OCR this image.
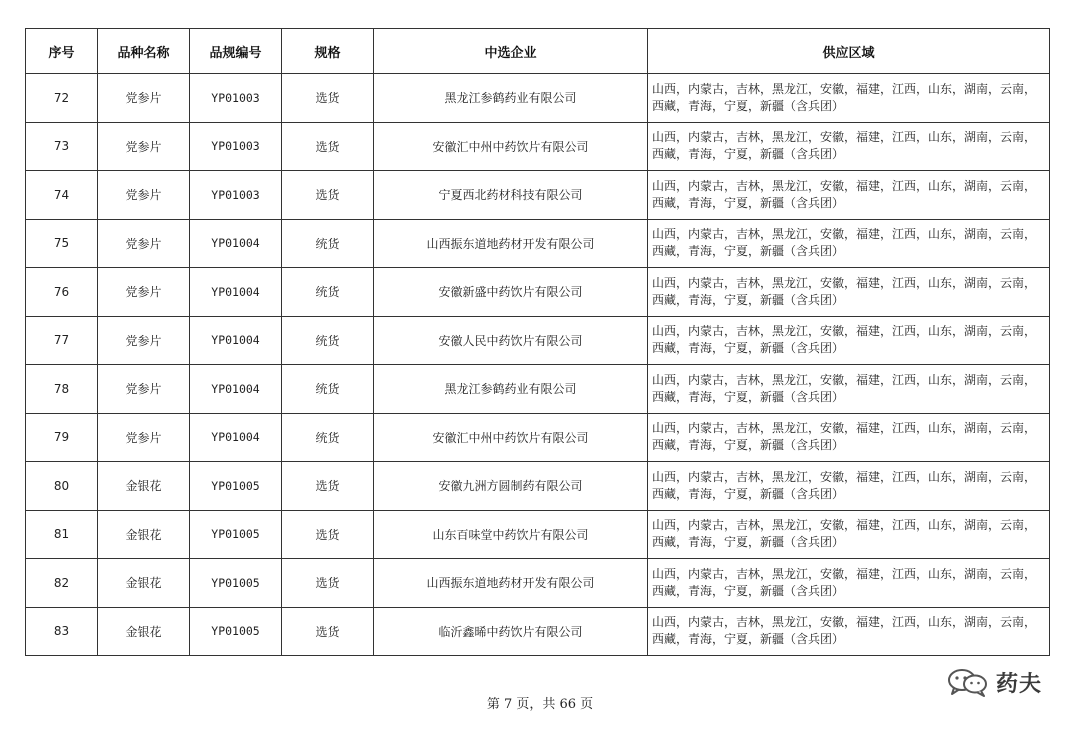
序号	品种名称	品规编号	规格	中选企业	供应区域
72	党参片	YP01003	选货	黑龙江参鹤药业有限公司	山西，内蒙古，吉林，黑龙江，安徽，福建，江西，山东，湖南，云南，西藏，青海，宁夏，新疆（含兵团）
73	党参片	YP01003	选货	安徽汇中州中药饮片有限公司	山西，内蒙古，吉林，黑龙江，安徽，福建，江西，山东，湖南，云南，西藏，青海，宁夏，新疆（含兵团）
74	党参片	YP01003	选货	宁夏西北药材科技有限公司	山西，内蒙古，吉林，黑龙江，安徽，福建，江西，山东，湖南，云南，西藏，青海，宁夏，新疆（含兵团）
75	党参片	YP01004	统货	山西振东道地药材开发有限公司	山西，内蒙古，吉林，黑龙江，安徽，福建，江西，山东，湖南，云南，西藏，青海，宁夏，新疆（含兵团）
76	党参片	YP01004	统货	安徽新盛中药饮片有限公司	山西，内蒙古，吉林，黑龙江，安徽，福建，江西，山东，湖南，云南，西藏，青海，宁夏，新疆（含兵团）
77	党参片	YP01004	统货	安徽人民中药饮片有限公司	山西，内蒙古，吉林，黑龙江，安徽，福建，江西，山东，湖南，云南，西藏，青海，宁夏，新疆（含兵团）
78	党参片	YP01004	统货	黑龙江参鹤药业有限公司	山西，内蒙古，吉林，黑龙江，安徽，福建，江西，山东，湖南，云南，西藏，青海，宁夏，新疆（含兵团）
79	党参片	YP01004	统货	安徽汇中州中药饮片有限公司	山西，内蒙古，吉林，黑龙江，安徽，福建，江西，山东，湖南，云南，西藏，青海，宁夏，新疆（含兵团）
80	金银花	YP01005	选货	安徽九洲方圆制药有限公司	山西，内蒙古，吉林，黑龙江，安徽，福建，江西，山东，湖南，云南，西藏，青海，宁夏，新疆（含兵团）
81	金银花	YP01005	选货	山东百味堂中药饮片有限公司	山西，内蒙古，吉林，黑龙江，安徽，福建，江西，山东，湖南，云南，西藏，青海，宁夏，新疆（含兵团）
82	金银花	YP01005	选货	山西振东道地药材开发有限公司	山西，内蒙古，吉林，黑龙江，安徽，福建，江西，山东，湖南，云南，西藏，青海，宁夏，新疆（含兵团）
83	金银花	YP01005	选货	临沂鑫晞中药饮片有限公司	山西，内蒙古，吉林，黑龙江，安徽，福建，江西，山东，湖南，云南，西藏，青海，宁夏，新疆（含兵团）
药夫
第 7 页，共 66 页
